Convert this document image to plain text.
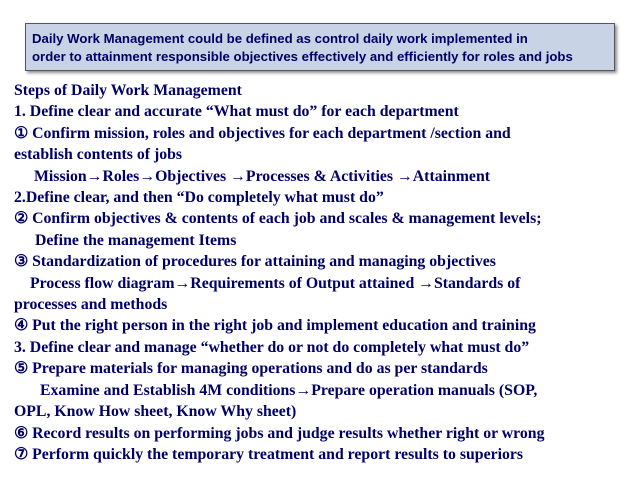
Daily Work Management could be defined as control daily work implemented in
order to attainment responsible objectives effectively and efficiently for roles and jobs
Steps of Daily Work Management
1. Define clear and accurate “What must do” for each department
① Confirm mission, roles and objectives for each department /section and
establish contents of jobs
Mission→Roles→Objectives →Processes & Activities →Attainment
2.Define clear, and then “Do completely what must do”
② Confirm objectives & contents of each job and scales & management levels;
Define the management Items
③ Standardization of procedures for attaining and managing objectives
Process flow diagram→Requirements of Output attained →Standards of
processes and methods
④ Put the right person in the right job and implement education and training
3. Define clear and manage “whether do or not do completely what must do”
⑤ Prepare materials for managing operations and do as per standards
Examine and Establish 4M conditions→Prepare operation manuals (SOP,
OPL, Know How sheet, Know Why sheet)
⑥ Record results on performing jobs and judge results whether right or wrong
⑦ Perform quickly the temporary treatment and report results to superiors
